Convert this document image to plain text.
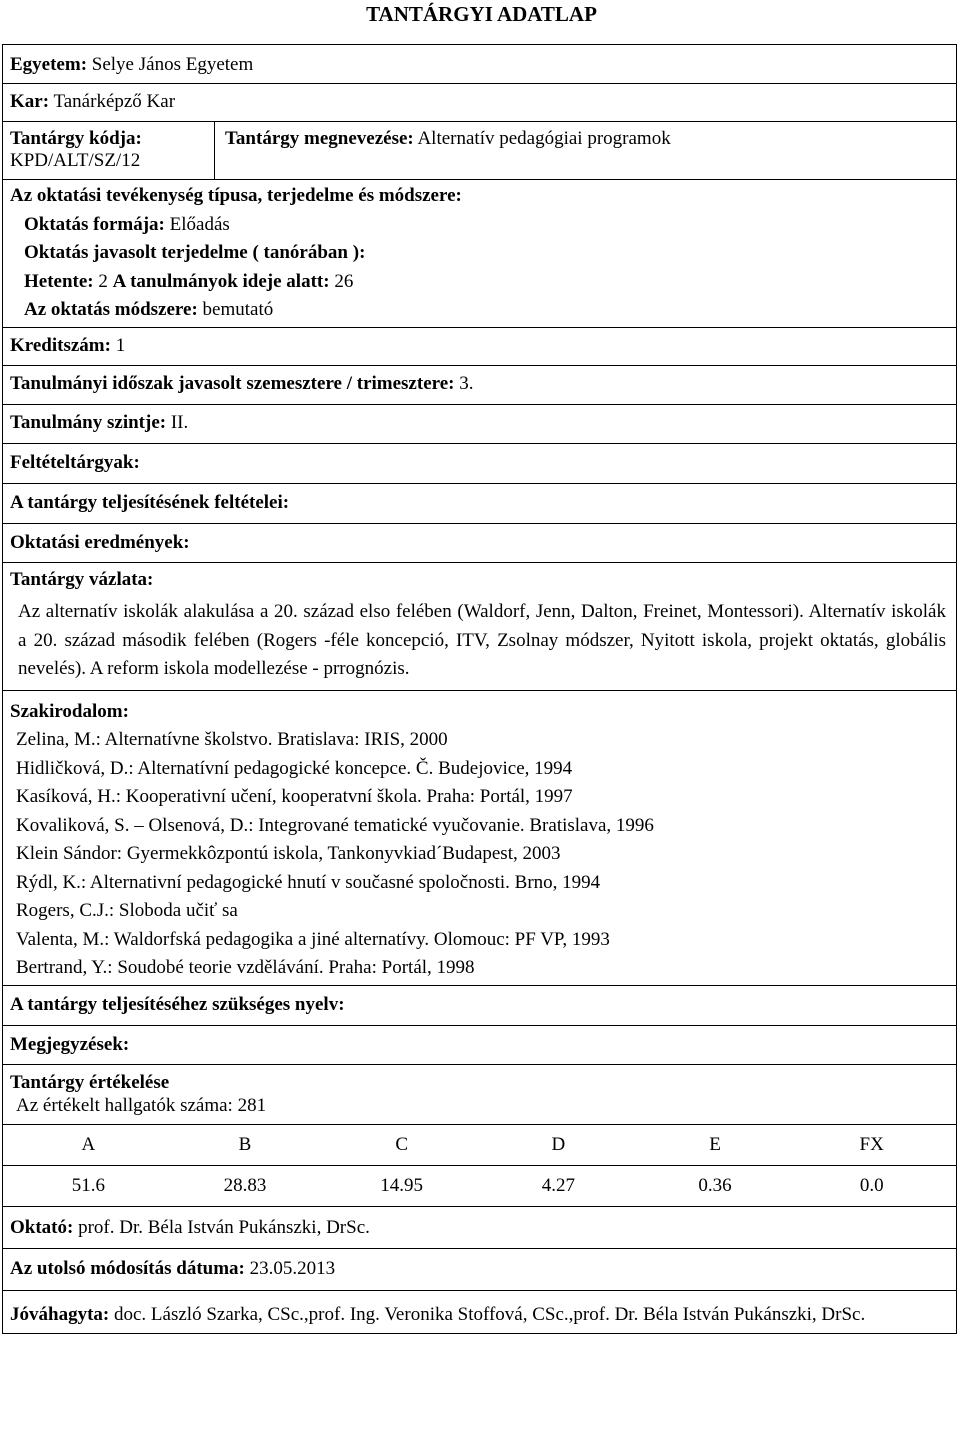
TANTÁRGYI ADATLAP
Egyetem: Selye János Egyetem
Kar: Tanárképző Kar
Tantárgy kódja:
KPD/ALT/SZ/12
Tantárgy megnevezése: Alternatív pedagógiai programok
Az oktatási tevékenység típusa, terjedelme és módszere:
Oktatás formája: Előadás
Oktatás javasolt terjedelme ( tanórában ):
Hetente: 2 A tanulmányok ideje alatt: 26
Az oktatás módszere: bemutató
Kreditszám: 1
Tanulmányi időszak javasolt szemesztere / trimesztere: 3.
Tanulmány szintje: II.
Feltételtárgyak:
A tantárgy teljesítésének feltételei:
Oktatási eredmények:
Tantárgy vázlata:
Az alternatív iskolák alakulása a 20. század elso felében (Waldorf, Jenn, Dalton, Freinet, Montessori). Alternatív iskolák a 20. század második felében (Rogers -féle koncepció, ITV, Zsolnay módszer, Nyitott iskola, projekt oktatás, globális nevelés). A reform iskola modellezése - prrognózis.
Szakirodalom:
Zelina, M.: Alternatívne školstvo. Bratislava: IRIS, 2000
Hidličková, D.: Alternatívní pedagogické koncepce. Č. Budejovice, 1994
Kasíková, H.: Kooperativní učení, kooperatvní škola. Praha: Portál, 1997
Kovaliková, S. – Olsenová, D.: Integrované tematické vyučovanie. Bratislava, 1996
Klein Sándor: Gyermekkôzpontú iskola, Tankonyvkiad´Budapest, 2003
Rýdl, K.: Alternativní pedagogické hnutí v současné spoločnosti. Brno, 1994
Rogers, C.J.: Sloboda učiť sa
Valenta, M.: Waldorfská pedagogika a jiné alternatívy. Olomouc: PF VP, 1993
Bertrand, Y.: Soudobé teorie vzdělávání. Praha: Portál, 1998
A tantárgy teljesítéséhez szükséges nyelv:
Megjegyzések:
Tantárgy értékelése
Az értékelt hallgatók száma: 281
A	B	C	D	E	FX
51.6	28.83	14.95	4.27	0.36	0.0
Oktató: prof. Dr. Béla István Pukánszki, DrSc.
Az utolsó módosítás dátuma: 23.05.2013
Jóváhagyta: doc. László Szarka, CSc.,prof. Ing. Veronika Stoffová, CSc.,prof. Dr. Béla István Pukánszki, DrSc.
